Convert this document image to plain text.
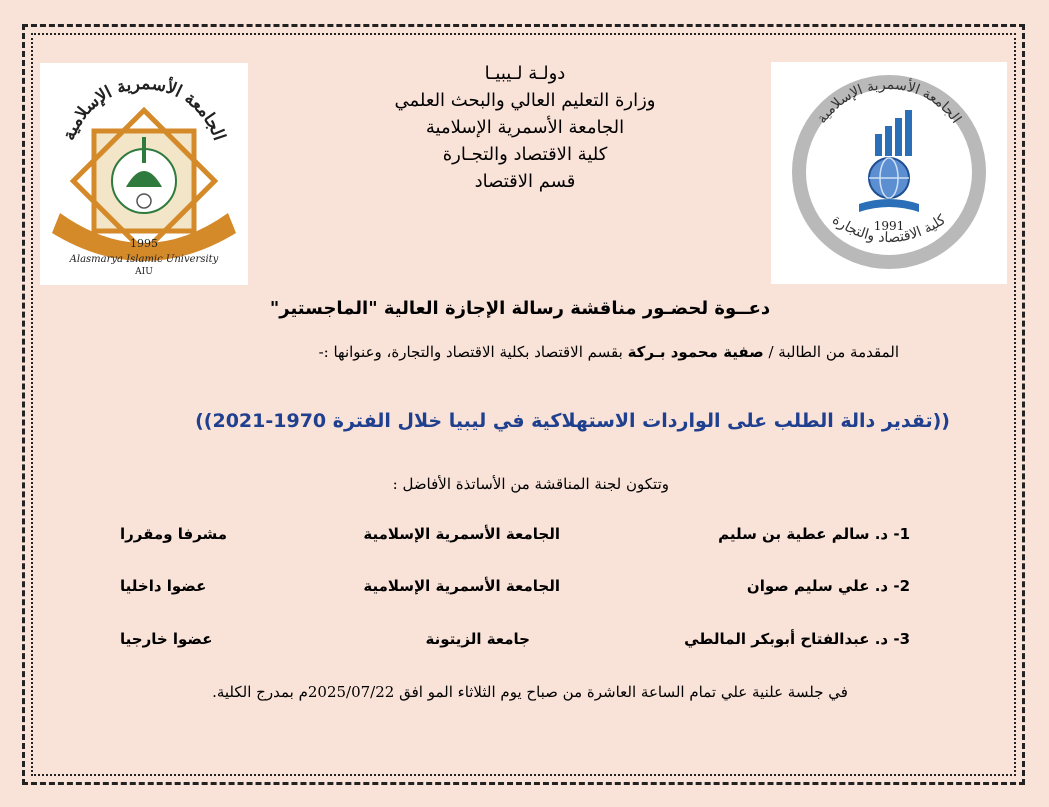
الجامعة الأسمرية الإسلامية
1995
Alasmarya Islamic University
AIU
الجامعة الأسمرية الإسلامية
كلية الاقتصاد والتجارة
1991
دولـة لـيبيـا
وزارة التعليم العالي والبحث العلمي
الجامعة الأسمرية الإسلامية
كلية الاقتصاد والتجـارة
قسم الاقتصاد
دعــوة لحضـور مناقشة رسالة الإجازة العالية "الماجستير"
المقدمة من الطالبة / صفية محمود بـركة بقسم الاقتصاد بكلية الاقتصاد والتجارة، وعنوانها :-
((تقدير دالة الطلب على الواردات الاستهلاكية في ليبيا خلال الفترة 1970-2021))
وتتكون لجنة المناقشة من الأساتذة الأفاضل :
1- د. سالم عطية بن سليم
الجامعة الأسمرية الإسلامية
مشرفا ومقررا
2- د. علي سليم صوان
الجامعة الأسمرية الإسلامية
عضوا داخليا
3- د. عبدالفتاح أبوبكر المالطي
جامعة الزيتونة
عضوا خارجيا
في جلسة علنية علي تمام الساعة العاشرة من صباح يوم الثلاثاء المو افق 2025/07/22م بمدرج الكلية.
